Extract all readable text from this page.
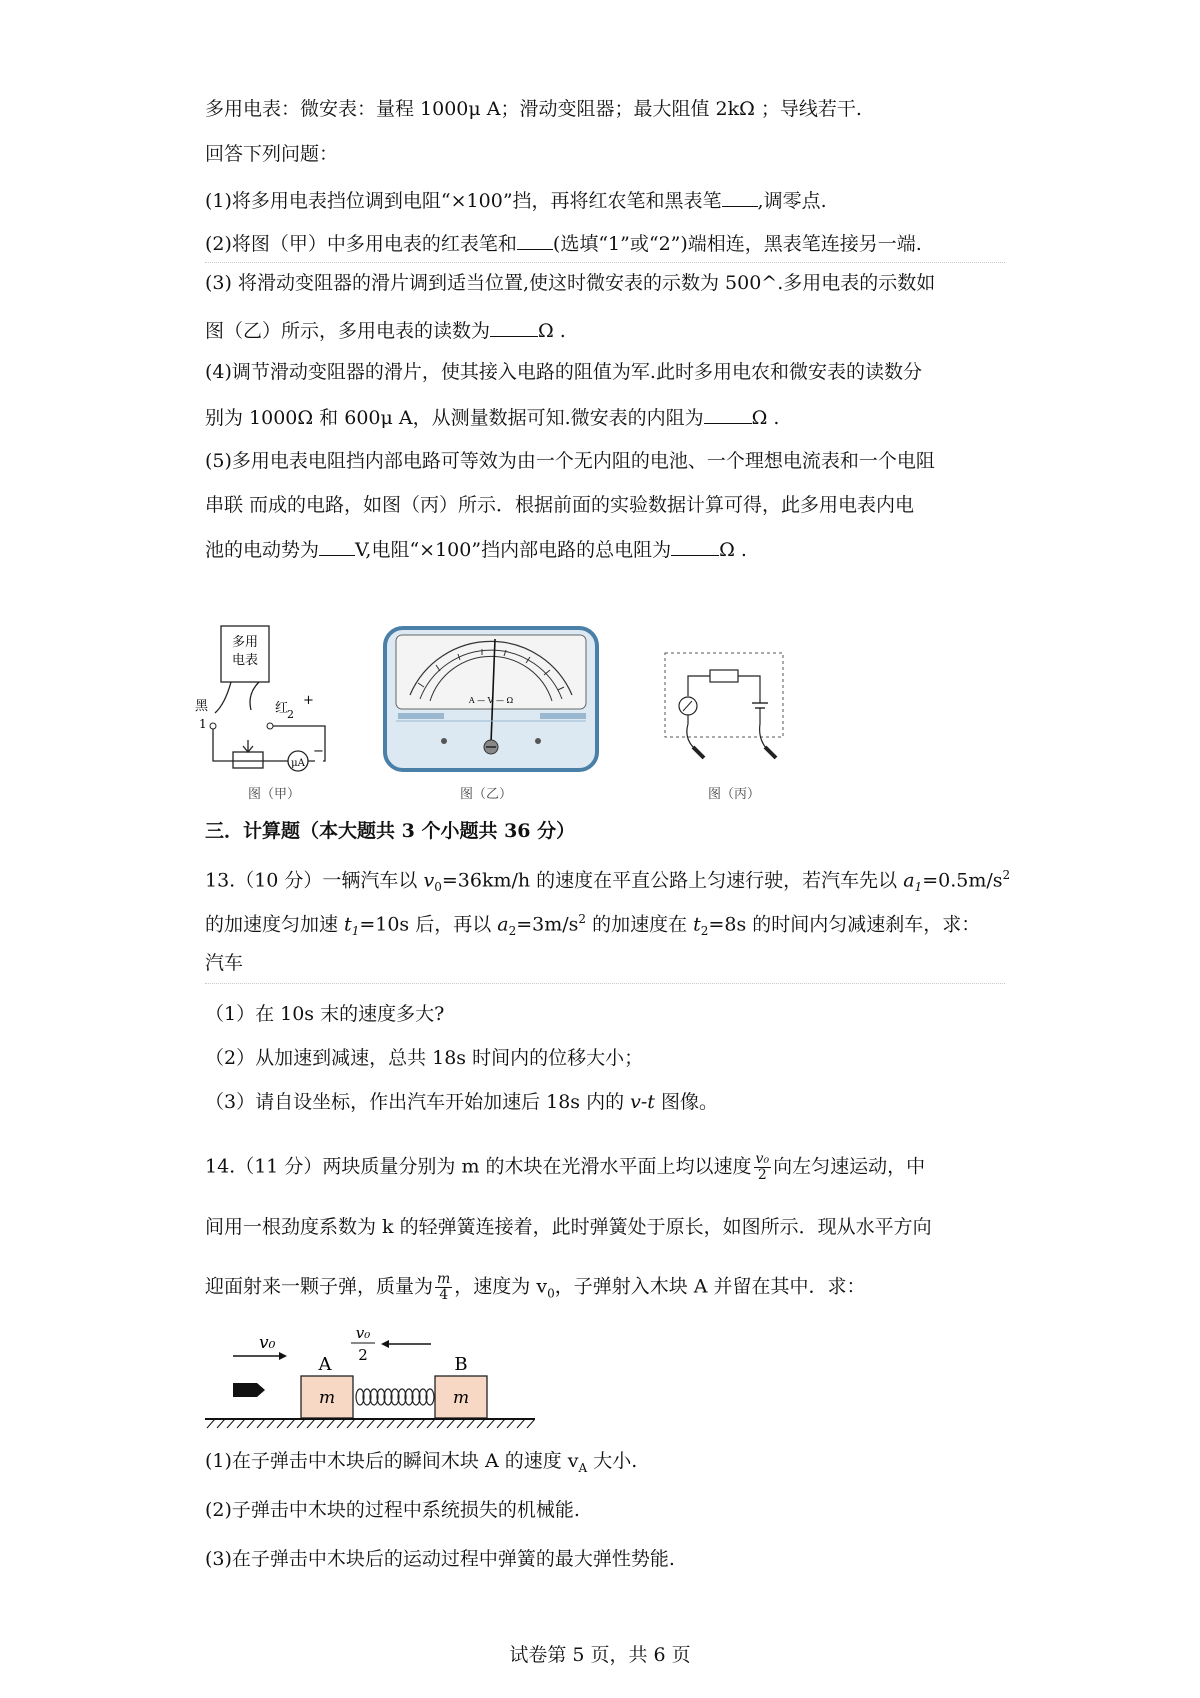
多用电表：微安表：量程 1000μ A；滑动变阻器；最大阻值 2kΩ ；导线若干.
回答下列问题：
(1)将多用电表挡位调到电阻“×100”挡，再将红农笔和黑表笔 ,调零点.
(2)将图（甲）中多用电表的红表笔和 (选填“1”或“2”)端相连，黑表笔连接另一端.
(3) 将滑动变阻器的滑片调到适当位置,使这时微安表的示数为 500^.多用电表的示数如
图（乙）所示，多用电表的读数为	Ω .
(4)调节滑动变阻器的滑片，使其接入电路的阻值为军.此时多用电农和微安表的读数分
别为 1000Ω 和 600μ A，从测量数据可知.微安表的内阻为	Ω .
(5)多用电表电阻挡内部电路可等效为由一个无内阻的电池、一个理想电流表和一个电阻
串联 而成的电路，如图（丙）所示．根据前面的实验数据计算可得，此多用电表内电
池的电动势为 V,电阻“×100”挡内部电路的总电阻为	Ω .
多用
电表
黑
1
红
2
+
μA
−
图（甲）
A — V — Ω
图（乙）	图（丙）
三．计算题（本大题共 3 个小题共 36 分）
13.（10 分）一辆汽车以 $v_0=36km/h$ 的速度在平直公路上匀速行驶，若汽车先以 $a_1=0.5m/s^2$
的加速度匀加速 $t_1=10s$ 后，再以 $a_2=3m/s^2$ 的加速度在 $t_2=8s$ 的时间内匀减速刹车，求：
汽车
（1）在 10s 末的速度多大?
（2）从加速到减速，总共 18s 时间内的位移大小；
（3）请自设坐标，作出汽车开始加速后 18s 内的 v-t 图像。
14.（11 分）两块质量分别为 m 的木块在光滑水平面上均以速度 $\frac{\text{v₀}}{2}$ 向左匀速运动，中
间用一根劲度系数为 k 的轻弹簧连接着，此时弹簧处于原长，如图所示．现从水平方向
迎面射来一颗子弹，质量为 $\frac{m}{4}$ ，速度为 $v_0$，子弹射入木块 A 并留在其中．求：
v₀	v₀
2
A	B
m	m
(1)在子弹击中木块后的瞬间木块 A 的速度 $v_A$ 大小.
(2)子弹击中木块的过程中系统损失的机械能.
(3)在子弹击中木块后的运动过程中弹簧的最大弹性势能.
试卷第 5 页，共 6 页
